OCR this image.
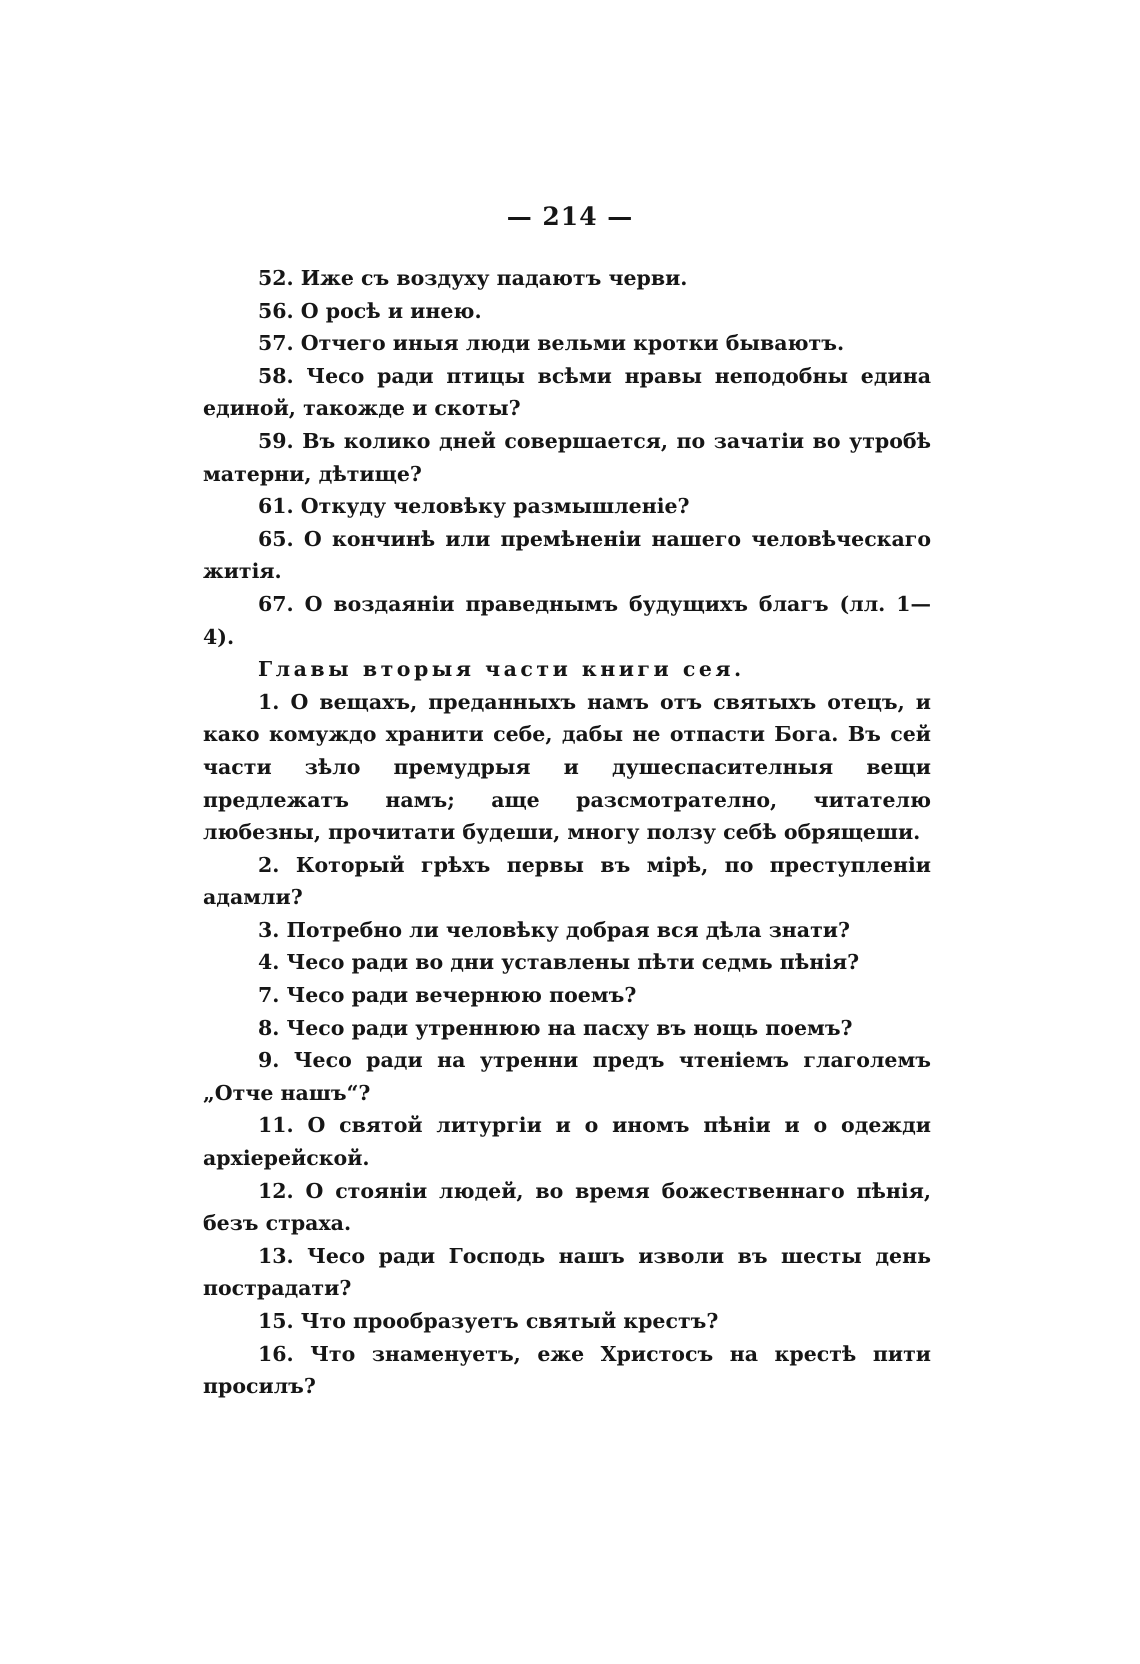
— 214 —

52. Иже съ воздуху падаютъ черви.

56. О росѣ и инею.

57. Отчего иныя люди вельми кротки бываютъ.

58. Чесо ради птицы всѣми нравы неподобны едина единой, такожде и скоты?

59. Въ колико дней совершается, по зачатіи во утробѣ матерни, дѣтище?

61. Откуду человѣку размышленіе?

65. О кончинѣ или премѣненіи нашего человѣческаго житія.

67. О воздаяніи праведнымъ будущихъ благъ (лл. 1—4).

Главы вторыя части книги сея.

1. О вещахъ, преданныхъ намъ отъ святыхъ отецъ, и како комуждо хранити себе, дабы не отпасти Бога. Въ сей части зѣло премудрыя и душеспасителныя вещи предлежатъ намъ; аще разсмотрателно, читателю любезны, прочитати будеши, многу ползу себѣ обрящеши.

2. Который грѣхъ первы въ мірѣ, по преступленіи адамли?

3. Потребно ли человѣку добрая вся дѣла знати?

4. Чесо ради во дни уставлены пѣти седмь пѣнія?

7. Чесо ради вечернюю поемъ?

8. Чесо ради утреннюю на пасху въ нощь поемъ?

9. Чесо ради на утренни предъ чтеніемъ глаголемъ „Отче нашъ“?

11. О святой литургіи и о иномъ пѣніи и о одежди архіерейской.

12. О стояніи людей, во время божественнаго пѣнія, безъ страха.

13. Чесо ради Господь нашъ изволи въ шесты день пострадати?

15. Что прообразуетъ святый крестъ?

16. Что знаменуетъ, еже Христосъ на крестѣ пити просилъ?
